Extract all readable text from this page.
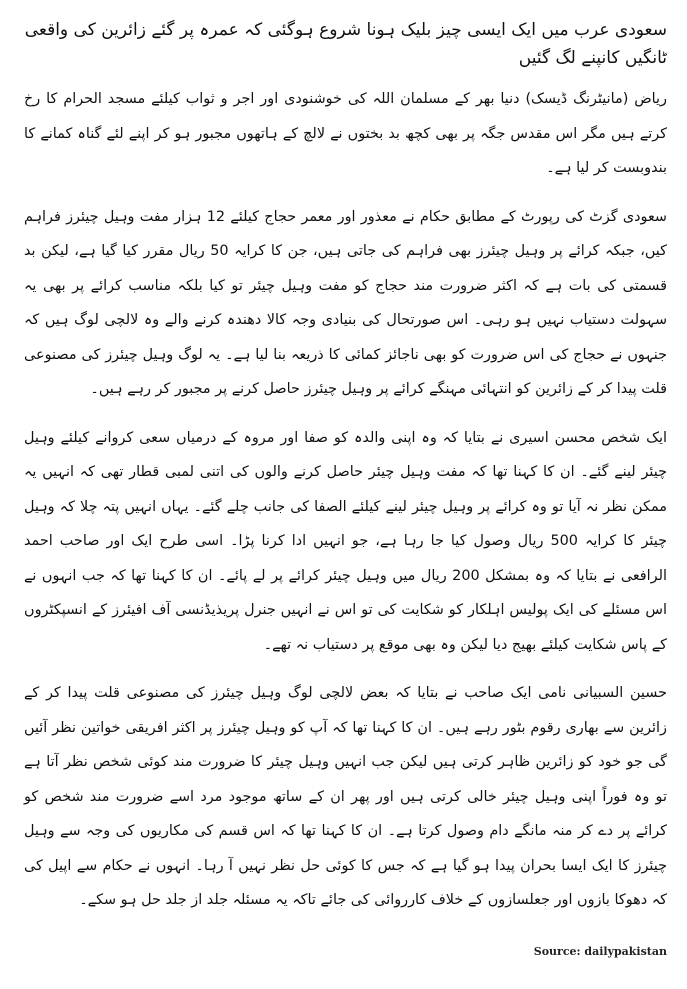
سعودی عرب میں ایک ایسی چیز بلیک ہونا شروع ہوگئی کہ عمرہ پر گئے زائرین کی واقعی ٹانگیں کانپنے لگ گئیں

ریاض (مانیٹرنگ ڈیسک) دنیا بھر کے مسلمان اللہ کی خوشنودی اور اجر و ثواب کیلئے مسجد الحرام کا رخ کرتے ہیں مگر اس مقدس جگہ پر بھی کچھ بد بختوں نے لالچ کے ہاتھوں مجبور ہو کر اپنے لئے گناہ کمانے کا بندوبست کر لیا ہے۔

سعودی گزٹ کی رپورٹ کے مطابق حکام نے معذور اور معمر حجاج کیلئے 12 ہزار مفت وہیل چیئرز فراہم کیں، جبکہ کرائے پر وہیل چیئرز بھی فراہم کی جاتی ہیں، جن کا کرایہ 50 ریال مقرر کیا گیا ہے، لیکن بد قسمتی کی بات ہے کہ اکثر ضرورت مند حجاج کو مفت وہیل چیئر تو کیا بلکہ مناسب کرائے پر بھی یہ سہولت دستیاب نہیں ہو رہی۔ اس صورتحال کی بنیادی وجہ کالا دھندہ کرنے والے وہ لالچی لوگ ہیں کہ جنہوں نے حجاج کی اس ضرورت کو بھی ناجائز کمائی کا ذریعہ بنا لیا ہے۔ یہ لوگ وہیل چیئرز کی مصنوعی قلت پیدا کر کے زائرین کو انتہائی مہنگے کرائے پر وہیل چیئرز حاصل کرنے پر مجبور کر رہے ہیں۔

ایک شخص محسن اسیری نے بتایا کہ وہ اپنی والدہ کو صفا اور مروہ کے درمیاں سعی کروانے کیلئے وہیل چیئر لینے گئے۔ ان کا کہنا تھا کہ مفت وہیل چیئر حاصل کرنے والوں کی اتنی لمبی قطار تھی کہ انہیں یہ ممکن نظر نہ آیا تو وہ کرائے پر وہیل چیئر لینے کیلئے الصفا کی جانب چلے گئے۔ یہاں انہیں پتہ چلا کہ وہیل چیئر کا کرایہ 500 ریال وصول کیا جا رہا ہے، جو انہیں ادا کرنا پڑا۔ اسی طرح ایک اور صاحب احمد الرافعی نے بتایا کہ وہ بمشکل 200 ریال میں وہیل چیئر کرائے پر لے پائے۔ ان کا کہنا تھا کہ جب انہوں نے اس مسئلے کی ایک پولیس اہلکار کو شکایت کی تو اس نے انہیں جنرل پریذیڈنسی آف افیئرز کے انسپکٹروں کے پاس شکایت کیلئے بھیج دیا لیکن وہ بھی موقع پر دستیاب نہ تھے۔

حسین السبیانی نامی ایک صاحب نے بتایا کہ بعض لالچی لوگ وہیل چیئرز کی مصنوعی قلت پیدا کر کے زائرین سے بھاری رقوم بٹور رہے ہیں۔ ان کا کہنا تھا کہ آپ کو وہیل چیئرز پر اکثر افریقی خواتین نظر آئیں گی جو خود کو زائرین ظاہر کرتی ہیں لیکن جب انہیں وہیل چیئر کا ضرورت مند کوئی شخص نظر آتا ہے تو وہ فوراً اپنی وہیل چیئر خالی کرتی ہیں اور پھر ان کے ساتھ موجود مرد اسے ضرورت مند شخص کو کرائے پر دے کر منہ مانگے دام وصول کرتا ہے۔ ان کا کہنا تھا کہ اس قسم کی مکاریوں کی وجہ سے وہیل چیئرز کا ایک ایسا بحران پیدا ہو گیا ہے کہ جس کا کوئی حل نظر نہیں آ رہا۔ انہوں نے حکام سے اپیل کی کہ دھوکا بازوں اور جعلسازوں کے خلاف کارروائی کی جائے تاکہ یہ مسئلہ جلد از جلد حل ہو سکے۔

Source: dailypakistan
